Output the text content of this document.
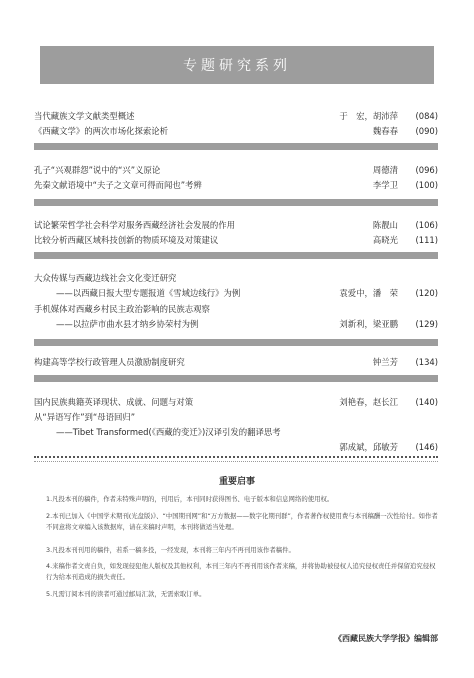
专题研究系列
当代藏族文学文献类型概述	于　宏，胡沛萍 (084)
《西藏文学》的两次市场化探索论析	魏春春 (090)
孔子“兴观群怨”说中的“兴”义原论	周德清 (096)
先秦文献语境中“夫子之文章可得而闻也”考辨	李学卫 (100)
试论繁荣哲学社会科学对服务西藏经济社会发展的作用	陈靓山 (106)
比较分析西藏区域科技创新的物质环境及对策建议	高晓光 (111)
大众传媒与西藏边线社会文化变迁研究
——以西藏日报大型专题报道《雪域边线行》为例	袁爱中，潘　荣 (120)
手机媒体对西藏乡村民主政治影响的民族志观察
——以拉萨市曲水县才纳乡协荣村为例	刘新利，梁亚鹏 (129)
构建高等学校行政管理人员激励制度研究	钟兰芳 (134)
国内民族典籍英译现状、成就、问题与对策	刘艳春，赵长江 (140)
从“异语写作”到“母语回归”
——Tibet Transformed(《西藏的变迁》)汉译引发的翻译思考
郭成斌，邱敏芳 (146)
重要启事

1.凡投本刊的稿件，作者未特殊声明的，刊用后，本刊同时获得图书、电子版本和信息网络的使用权。

2.本刊已加入《中国学术期刊(光盘版)》、“中国期刊网”和“万方数据——数字化期刊群”，作者著作权使用费与本刊稿酬一次性给付。如作者不同意将文章编入该数据库，请在来稿时声明，本刊将做适当处理。

3.凡投本刊刊用的稿件，若系一稿多投，一经发现，本刊将三年内不再刊用该作者稿件。

4.来稿作者文责自负，如发现侵犯他人版权及其他权利，本刊三年内不再刊用该作者来稿，并将协助被侵权人追究侵权责任并保留追究侵权行为给本刊造成的损失责任。

5.凡需订阅本刊的读者可通过邮局汇款，无需索取订单。

《西藏民族大学学报》编辑部
